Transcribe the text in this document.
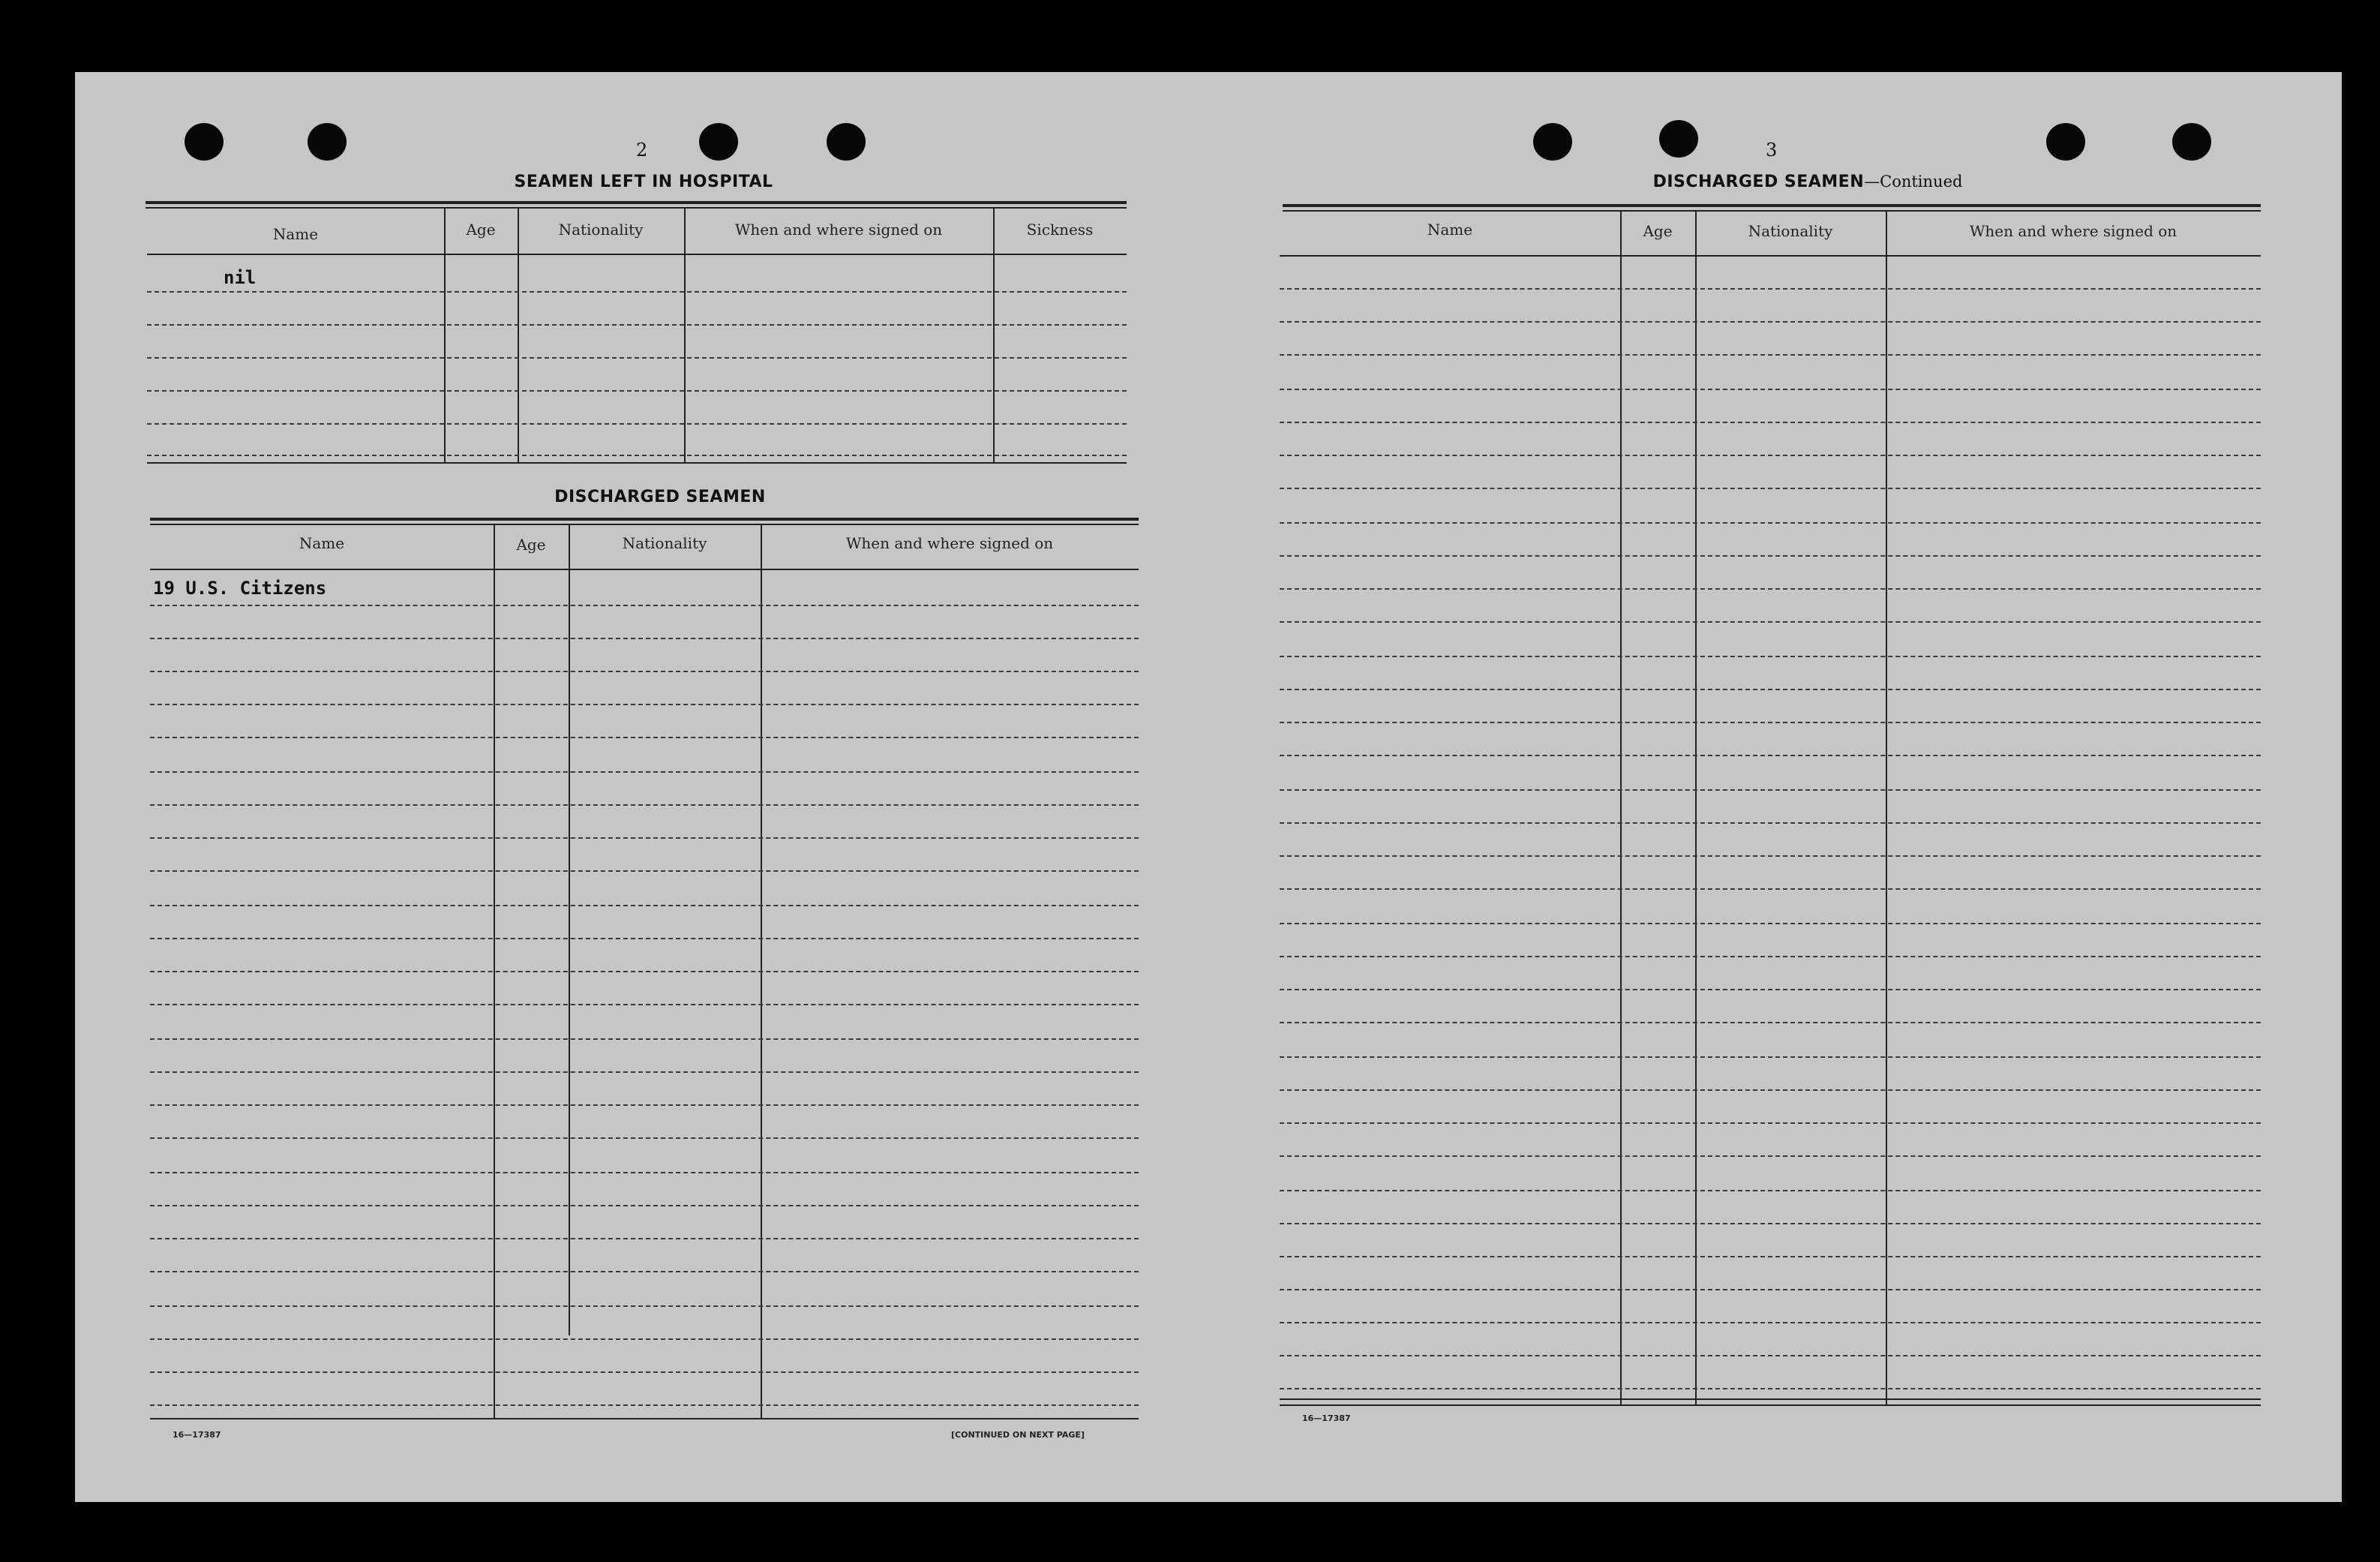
2
SEAMEN LEFT IN HOSPITAL
Name	Age	Nationality	When and where signed on	Sickness
nil
DISCHARGED SEAMEN
Name	Age	Nationality	When and where signed on
19 U.S. Citizens
16—17387	[CONTINUED ON NEXT PAGE]
3
DISCHARGED SEAMEN—Continued
Name	Age	Nationality	When and where signed on
16—17387
